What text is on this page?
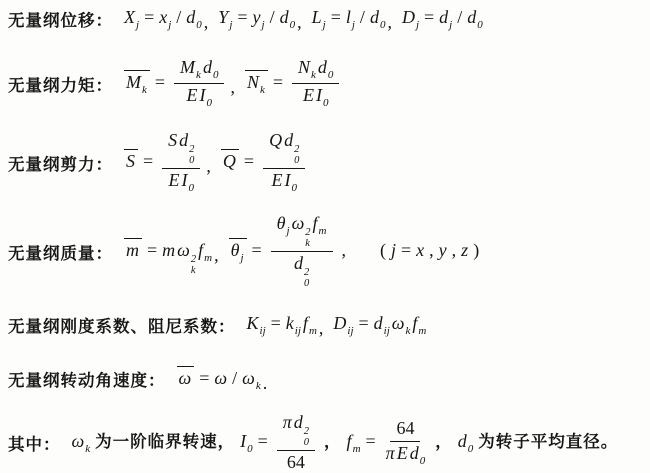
无量纲位移： $X_j = x_j / d_0$ , $Y_j = y_j / d_0$ , $L_j = l_j / d_0$ , $D_j = d_j / d_0$
无量纲力矩： $M_k = \frac{M_k d_0}{E I_0}$ , $N_k = \frac{N_k d_0}{E I_0}$
无量纲剪力： S = S d 2
0
E $I_0$ , Q = Q d 2
0
E $I_0$
无量纲质量： m = m ω 2
k
$f_m$ , $\theta_j = \theta_j$ ω 2
k
$f_m$
d 2
0 , ( j = x , y , z )
无量纲刚度系数、阻尼系数： $K_{ij} = k_{ij}$ $f_m$ , $D_{ij} = d_{ij}$ $\omega_k$ $f_m$
无量纲转动角速度： $\omega = \omega / \omega_k$ .
其中： $\omega_k$ 为一阶临界转速， $I_0 = \pi$ d 2
0
64 ， $f_m = \frac{64}{\pi E d_0}$ ， $d_0$ 为转子平均直径。
